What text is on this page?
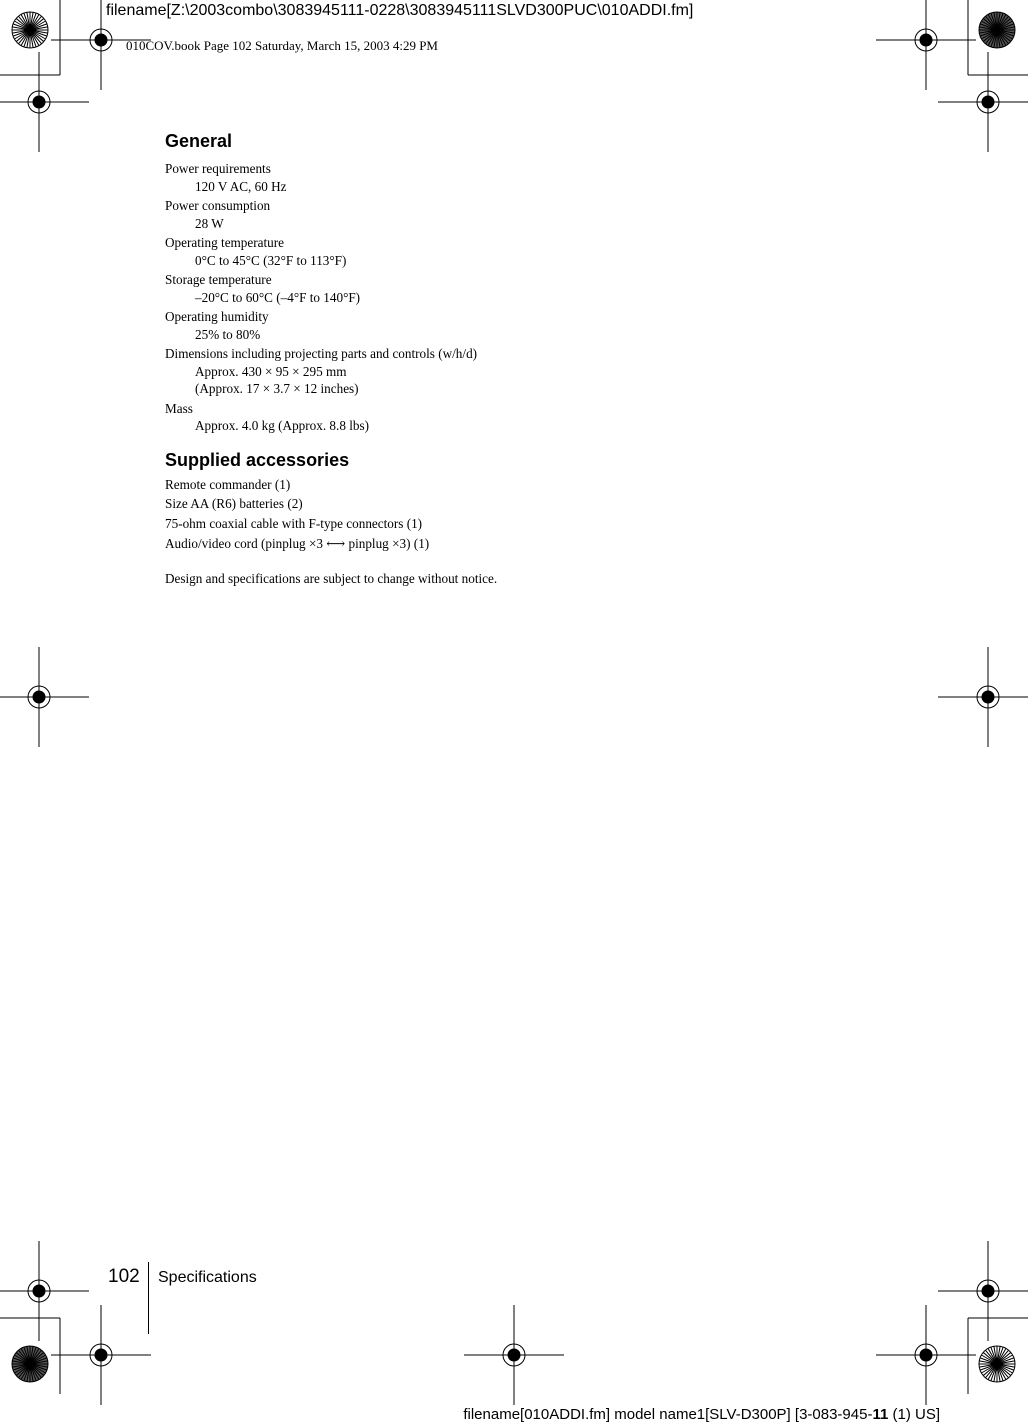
filename[Z:\2003combo\3083945111-0228\3083945111SLVD300PUC\010ADDI.fm]
010COV.book Page 102 Saturday, March 15, 2003 4:29 PM
General
Power requirements
120 V AC, 60 Hz
Power consumption
28 W
Operating temperature
0°C to 45°C (32°F to 113°F)
Storage temperature
–20°C to 60°C (–4°F to 140°F)
Operating humidity
25% to 80%
Dimensions including projecting parts and controls (w/h/d)
Approx. 430 × 95 × 295 mm
(Approx. 17 × 3.7 × 12 inches)
Mass
Approx. 4.0 kg (Approx. 8.8 lbs)
Supplied accessories
Remote commander (1)
Size AA (R6) batteries (2)
75-ohm coaxial cable with F-type connectors (1)
Audio/video cord (pinplug ×3 ⟷ pinplug ×3) (1)
Design and specifications are subject to change without notice.
102 Specifications
filename[010ADDI.fm] model name1[SLV-D300P] [3-083-945-11 (1) US]
